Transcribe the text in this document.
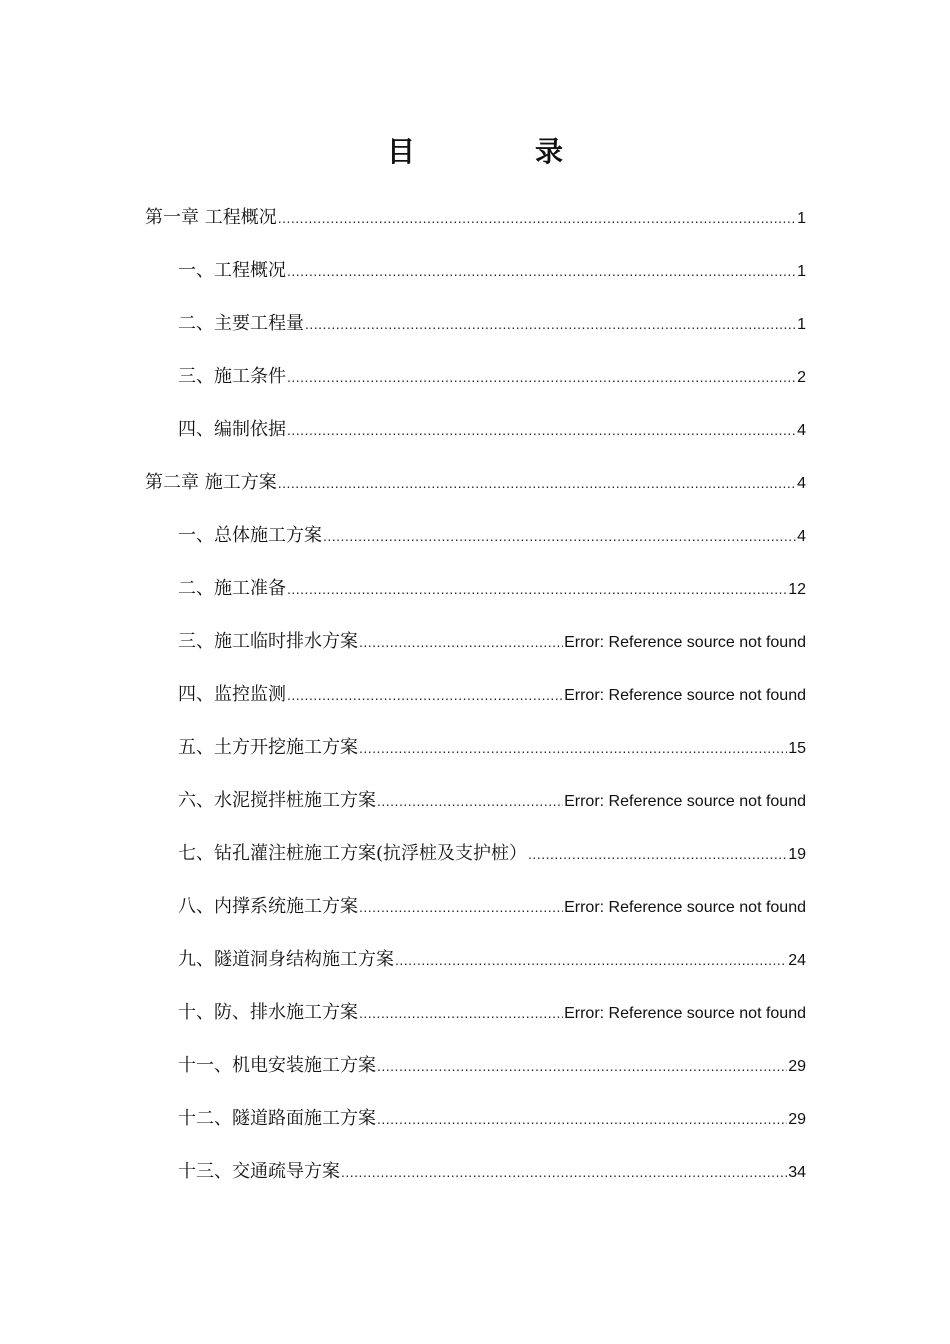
目　录
第一章 工程概况 .....	1
一、工程概况 .....	1
二、主要工程量 .....	1
三、施工条件 .....	2
四、编制依据 .....	4
第二章 施工方案 .....	4
一、总体施工方案 .....	4
二、施工准备 .....	12
三、施工临时排水方案 .....	Error: Reference source not found
四、监控监测 .....	Error: Reference source not found
五、土方开挖施工方案 .....	15
六、水泥搅拌桩施工方案 .....	Error: Reference source not found
七、钻孔灌注桩施工方案(抗浮桩及支护桩） .....	19
八、内撑系统施工方案 .....	Error: Reference source not found
九、隧道洞身结构施工方案 .....	24
十、防、排水施工方案 .....	Error: Reference source not found
十一、机电安装施工方案 .....	29
十二、隧道路面施工方案 .....	29
十三、交通疏导方案 .....	34
